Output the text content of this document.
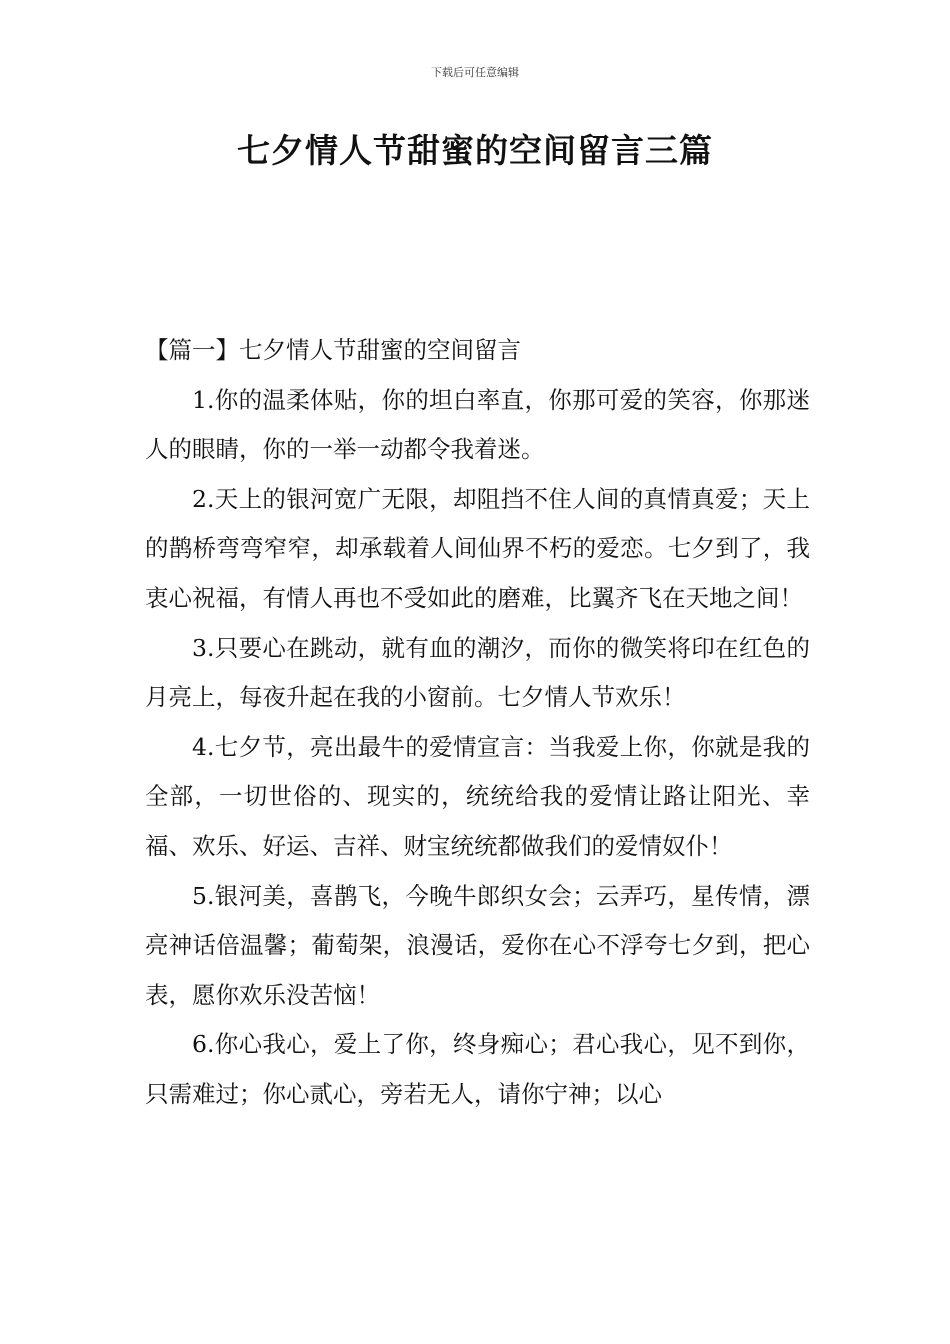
下载后可任意编辑
七夕情人节甜蜜的空间留言三篇
【篇一】七夕情人节甜蜜的空间留言

1.你的温柔体贴，你的坦白率直，你那可爱的笑容，你那迷人的眼睛，你的一举一动都令我着迷。

2.天上的银河宽广无限，却阻挡不住人间的真情真爱；天上的鹊桥弯弯窄窄，却承载着人间仙界不朽的爱恋。七夕到了，我衷心祝福，有情人再也不受如此的磨难，比翼齐飞在天地之间！

3.只要心在跳动，就有血的潮汐，而你的微笑将印在红色的月亮上，每夜升起在我的小窗前。七夕情人节欢乐！

4.七夕节，亮出最牛的爱情宣言：当我爱上你，你就是我的全部，一切世俗的、现实的，统统给我的爱情让路让阳光、幸福、欢乐、好运、吉祥、财宝统统都做我们的爱情奴仆！

5.银河美，喜鹊飞，今晚牛郎织女会；云弄巧，星传情，漂亮神话倍温馨；葡萄架，浪漫话，爱你在心不浮夸七夕到，把心表，愿你欢乐没苦恼！

6.你心我心，爱上了你，终身痴心；君心我心，见不到你，只需难过；你心贰心，旁若无人，请你宁神；以心
